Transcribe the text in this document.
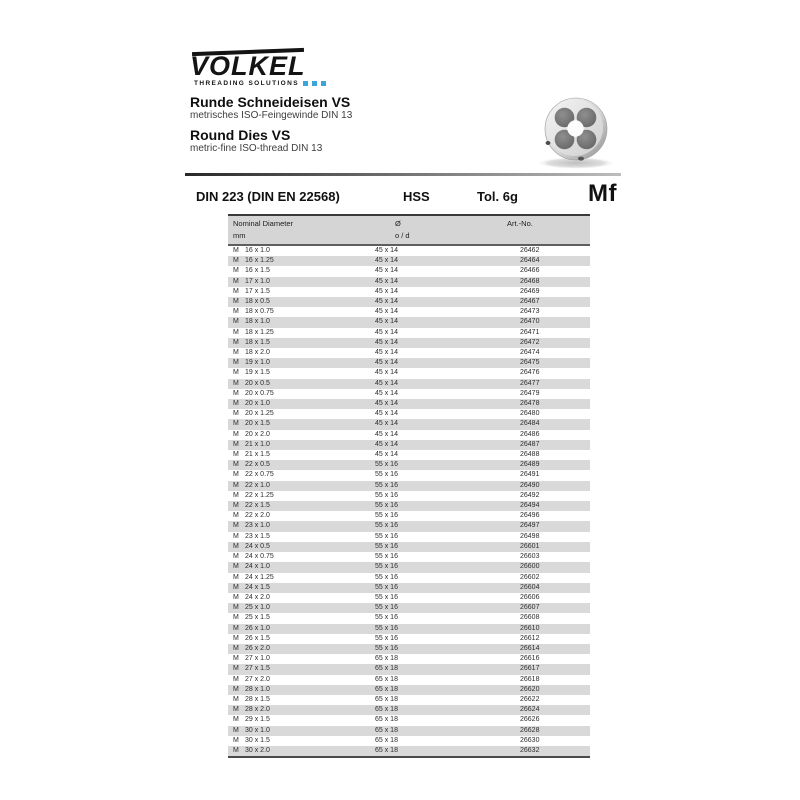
VÖLKEL
THREADING SOLUTIONS
Runde Schneideisen VS
metrisches ISO-Feingewinde DIN 13
Round Dies VS
metric-fine ISO-thread DIN 13
DIN 223 (DIN EN 22568)	HSS	Tol. 6g	Mf
Nominal Diameter
mm

Ø
o / d

Art.-No.

M 16 x 1.0	45 x 14	26462
M 16 x 1.25	45 x 14	26464
M 16 x 1.5	45 x 14	26466
M 17 x 1.0	45 x 14	26468
M 17 x 1.5	45 x 14	26469
M 18 x 0.5	45 x 14	26467
M 18 x 0.75	45 x 14	26473
M 18 x 1.0	45 x 14	26470
M 18 x 1.25	45 x 14	26471
M 18 x 1.5	45 x 14	26472
M 18 x 2.0	45 x 14	26474
M 19 x 1.0	45 x 14	26475
M 19 x 1.5	45 x 14	26476
M 20 x 0.5	45 x 14	26477
M 20 x 0.75	45 x 14	26479
M 20 x 1.0	45 x 14	26478
M 20 x 1.25	45 x 14	26480
M 20 x 1.5	45 x 14	26484
M 20 x 2.0	45 x 14	26486
M 21 x 1.0	45 x 14	26487
M 21 x 1.5	45 x 14	26488
M 22 x 0.5	55 x 16	26489
M 22 x 0.75	55 x 16	26491
M 22 x 1.0	55 x 16	26490
M 22 x 1.25	55 x 16	26492
M 22 x 1.5	55 x 16	26494
M 22 x 2.0	55 x 16	26496
M 23 x 1.0	55 x 16	26497
M 23 x 1.5	55 x 16	26498
M 24 x 0.5	55 x 16	26601
M 24 x 0.75	55 x 16	26603
M 24 x 1.0	55 x 16	26600
M 24 x 1.25	55 x 16	26602
M 24 x 1.5	55 x 16	26604
M 24 x 2.0	55 x 16	26606
M 25 x 1.0	55 x 16	26607
M 25 x 1.5	55 x 16	26608
M 26 x 1.0	55 x 16	26610
M 26 x 1.5	55 x 16	26612
M 26 x 2.0	55 x 16	26614
M 27 x 1.0	65 x 18	26616
M 27 x 1.5	65 x 18	26617
M 27 x 2.0	65 x 18	26618
M 28 x 1.0	65 x 18	26620
M 28 x 1.5	65 x 18	26622
M 28 x 2.0	65 x 18	26624
M 29 x 1.5	65 x 18	26626
M 30 x 1.0	65 x 18	26628
M 30 x 1.5	65 x 18	26630
M 30 x 2.0	65 x 18	26632
